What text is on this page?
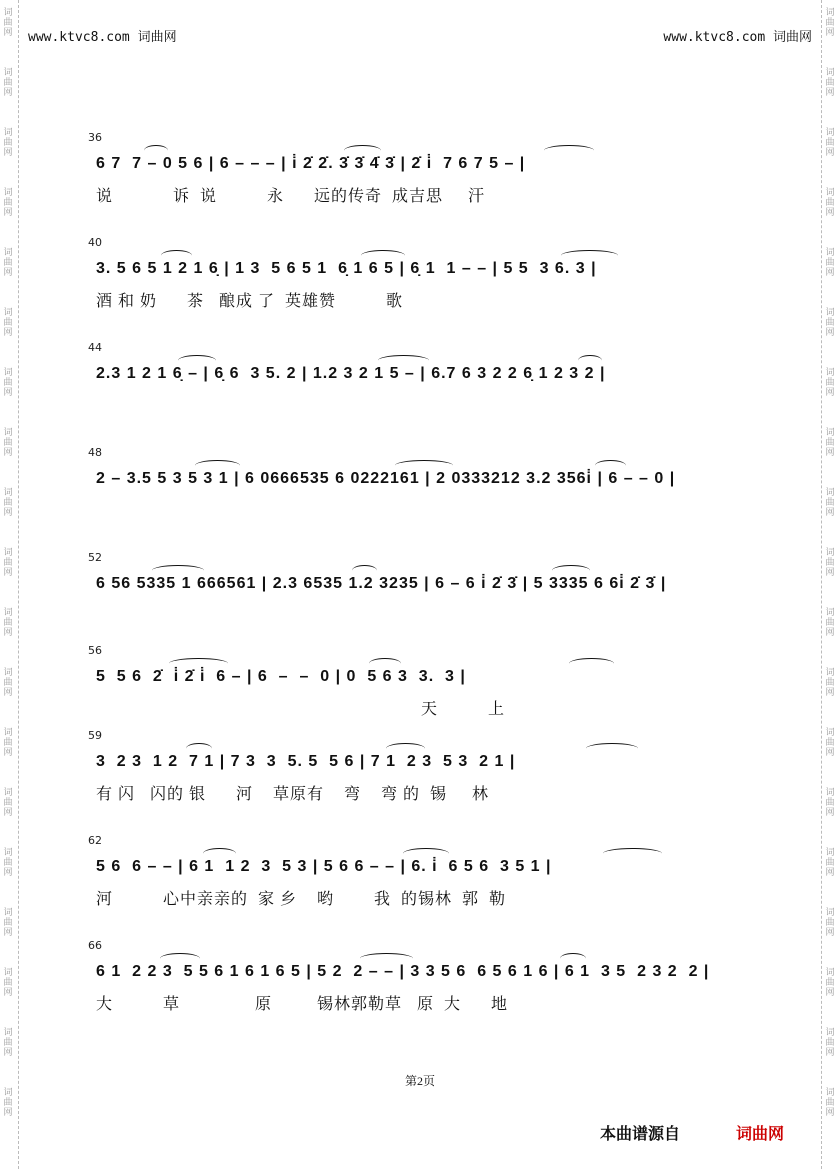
词
曲
网
词
曲
网
词
曲
网
词
曲
网
词
曲
网
词
曲
网
词
曲
网
词
曲
网
词
曲
网
词
曲
网
词
曲
网
词
曲
网
词
曲
网
词
曲
网
词
曲
网
词
曲
网
词
曲
网
词
曲
网
词
曲
网
词
曲
网
词
曲
网
词
曲
网
词
曲
网
词
曲
网
词
曲
网
词
曲
网
词
曲
网
词
曲
网
词
曲
网
词
曲
网
词
曲
网
词
曲
网
词
曲
网
词
曲
网
词
曲
网
词
曲
网
词
曲
网
词
曲
网
www.ktvc8.com 词曲网	www.ktvc8.com 词曲网
36
6 7  7 – 0 5 6 | 6 – – – | i̇ 2̇ 2̇. 3̇ 3̇ 4̇ 3̇ | 2̇ i̇  7 6 7 5 – |
说            诉  说          永      远的传奇  成吉思     汗
40
3. 5 6 5 1 2 1 6̣ | 1 3  5 6 5 1  6̣ 1 6 5 | 6̣ 1  1 – – | 5 5  3 6. 3 |
酒 和 奶      茶   酿成 了  英雄赞          歌
44
2.3 1 2 1 6̣ – | 6̣ 6  3 5. 2 | 1.2 3 2 1 5 – | 6.7 6 3 2 2 6̣ 1 2 3 2 |
48
2 – 3.5 5 3 5 3 1 | 6 0666535 6 0222161 | 2 0333212 3.2 356i̇ | 6 – – 0 |
52
6 56 5335 1 666561 | 2.3 6535 1.2 3235 | 6 – 6 i̇ 2̇ 3̇ | 5 3335 6 6i̇ 2̇ 3̇ |
56
5  5 6  2̇  i̇ 2̇ i̇  6 – | 6  –  –  0 | 0  5 6 3  3.  3 |
天          上
59
3  2 3  1 2  7 1 | 7 3  3  5. 5  5 6 | 7 1  2 3  5 3  2 1 |
有 闪   闪的 银      河    草原有    弯    弯 的  锡     林
62
5 6  6 – – | 6 1  1 2  3  5 3 | 5 6 6 – – | 6. i̇  6 5 6  3 5 1 |
河          心中亲亲的  家 乡    哟        我  的锡林  郭  勒
66
6 1  2 2 3  5 5 6 1 6 1 6 5 | 5 2  2 – – | 3 3 5 6  6 5 6 1 6 | 6 1  3 5  2 3 2  2 |
大          草               原         锡林郭勒草   原  大      地
第2页
本曲谱源自	词曲网
